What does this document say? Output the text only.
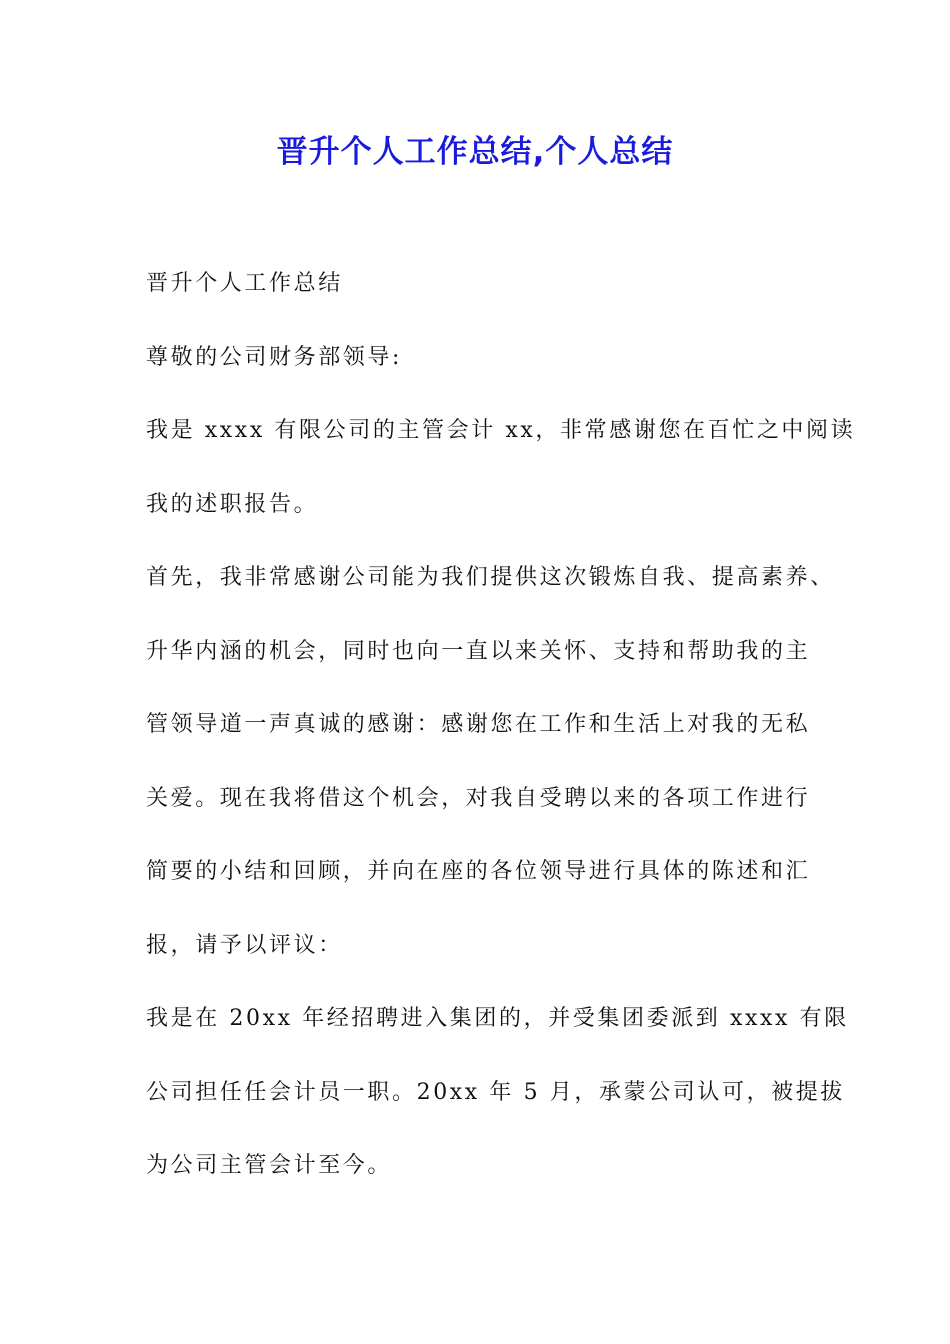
晋升个人工作总结,个人总结
晋升个人工作总结
尊敬的公司财务部领导:
我是 xxxx 有限公司的主管会计 xx，非常感谢您在百忙之中阅读
我的述职报告。
首先，我非常感谢公司能为我们提供这次锻炼自我、提高素养、
升华内涵的机会，同时也向一直以来关怀、支持和帮助我的主
管领导道一声真诚的感谢：感谢您在工作和生活上对我的无私
关爱。现在我将借这个机会，对我自受聘以来的各项工作进行
简要的小结和回顾，并向在座的各位领导进行具体的陈述和汇
报，请予以评议：
我是在 20xx 年经招聘进入集团的，并受集团委派到 xxxx 有限
公司担任任会计员一职。20xx 年 5 月，承蒙公司认可，被提拔
为公司主管会计至今。
